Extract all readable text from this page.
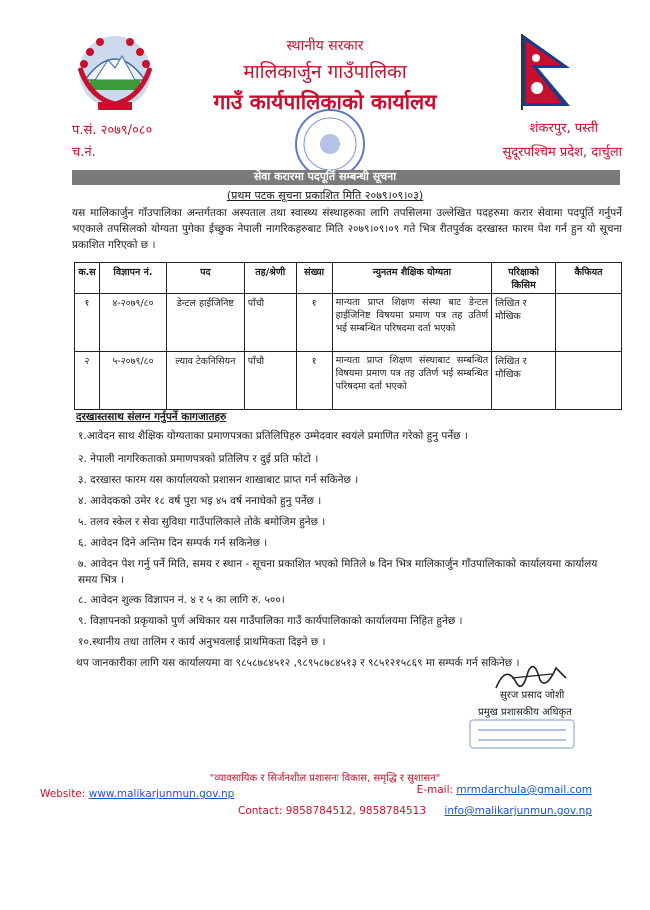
स्थानीय सरकार
मालिकार्जुन गाउँपालिका
गाउँ कार्यपालिकाको कार्यालय
प.सं. २०७९/०८०
च.नं.
शंकरपुर, पस्ती
सुदूरपश्चिम प्रदेश, दार्चुला
सेवा करारमा पदपूर्ति सम्बन्धी सूचना
(प्रथम पटक सूचना प्रकाशित मिति २०७९।०९।०३)
यस मालिकार्जुन गाँउपालिका अन्तर्गतका अस्पताल तथा स्वास्थ्य संस्थाहरुका लागि तपसिलमा उल्लेखित पदहरुमा करार सेवामा पदपूर्ति गर्नुपर्ने भएकाले तपसिलको योग्यता पुगेका ईच्छुक नेपाली नागरिकहरुबाट मिति २०७९।०९।०९ गते भित्र रीतपुर्वक दरखास्त फारम पेश गर्न हुन यो सूचना प्रकाशित गरिएको छ ।
क.स	विज्ञापन नं.	पद	तह/श्रेणी	संख्या	न्युनतम शैक्षिक योग्यता	परिक्षाको किसिम	कैफियत
१	४-२०७९/८०	डेन्टल हाईजिनिष्ट	पाँचौ	१	मान्यता प्राप्त शिक्षण संस्था बाट डेन्टल हाईजिनिष्ट विषयमा प्रमाण पत्र तह उतिर्ण भई सम्बन्धित परिषदमा दर्ता भएको	लिखित र मौखिक	
२	५-२०७९/८०	ल्याव टेकनिसियन	पाँचौ	१	मान्यता प्राप्त शिक्षण संस्थाबाट सम्बन्धित विषयमा प्रमाण पत्र तह उतिर्ण भई सम्बन्धित परिषदमा दर्ता भएको	लिखित र मौखिक	
दरखास्तसाथ संलग्न गर्नुपर्ने कागजातहरु
१.आवेदन साथ शैक्षिक योग्यताका प्रमाणपत्रका प्रतिलिपिहरु उम्मेदवार स्वयंले प्रमाणित गरेको हुनु पर्नेछ ।
२. नेपाली नागरिकताको प्रमाणपत्रको प्रतिलिप र दुई प्रति फोटो ।
३. दरखास्त फारम यस कार्यालयको प्रशासन शाखाबाट प्राप्त गर्न सकिनेछ ।
४. आवेदकको उमेर १८ वर्ष पुरा भइ ४५ वर्ष ननाघेको हुनु पर्नेछ ।
५. तलव स्केल र सेवा सुविधा गाउँपालिकाले तोके बमोजिम हुनेछ ।
६. आवेदन दिने अन्तिम दिन सम्पर्क गर्न सकिनेछ ।
७. आवेदन पेश गर्नु पर्ने मिति, समय र स्थान - सूचना प्रकाशित भएको मितिले ७ दिन भित्र मालिकार्जुन गाँउपालिकाको कार्यालयमा कार्यालय समय भित्र ।
८. आवेदन शुल्क विज्ञापन नं. ४ र ५ का लागि रु. ५००।
९. विज्ञापनको प्रकृयाको पुर्ण अधिकार यस गाउँपालिका गाउँ कार्यपालिकाको कार्यालयमा निहित हुनेछ ।
१०.स्थानीय तथा तालिम र कार्य अनुभवलाई प्राथमिकता दिइने छ ।
थप जानकारीका लागि यस कार्यालयमा वा ९८५८७८४५१२ ,९८९५८७८४५१३ र ९८५१२१५८६९ मा सम्पर्क गर्न सकिनेछ ।
सुरज प्रसाद जोशी
प्रमुख प्रशासकीय अधिकृत
"व्यावसायिक र सिर्जनशील प्रशासनः विकास, समृद्धि र सुशासन"
Website: www.malikarjunmun.gov.np	E-mail: mrmdarchula@gmail.com
Contact: 9858784512, 9858784513 info@malikarjunmun.gov.np
